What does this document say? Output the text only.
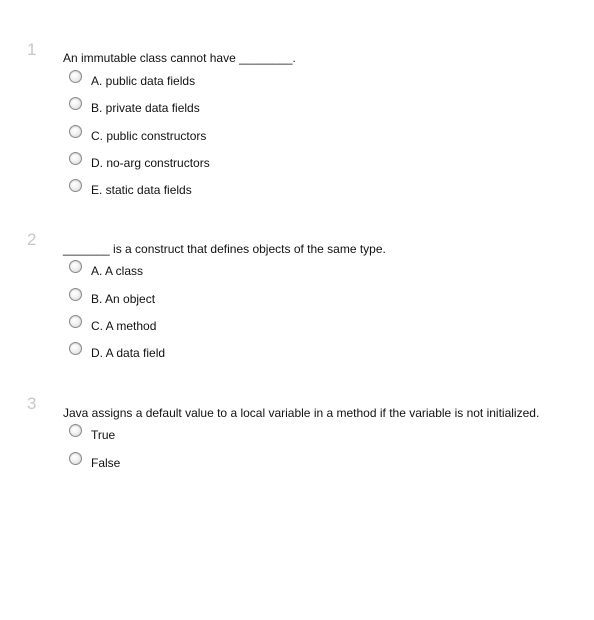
1 An immutable class cannot have ________.
A. public data fields
B. private data fields
C. public constructors
D. no-arg constructors
E. static data fields
2 _______ is a construct that defines objects of the same type.
A. A class
B. An object
C. A method
D. A data field
3 Java assigns a default value to a local variable in a method if the variable is not initialized.
True
False
